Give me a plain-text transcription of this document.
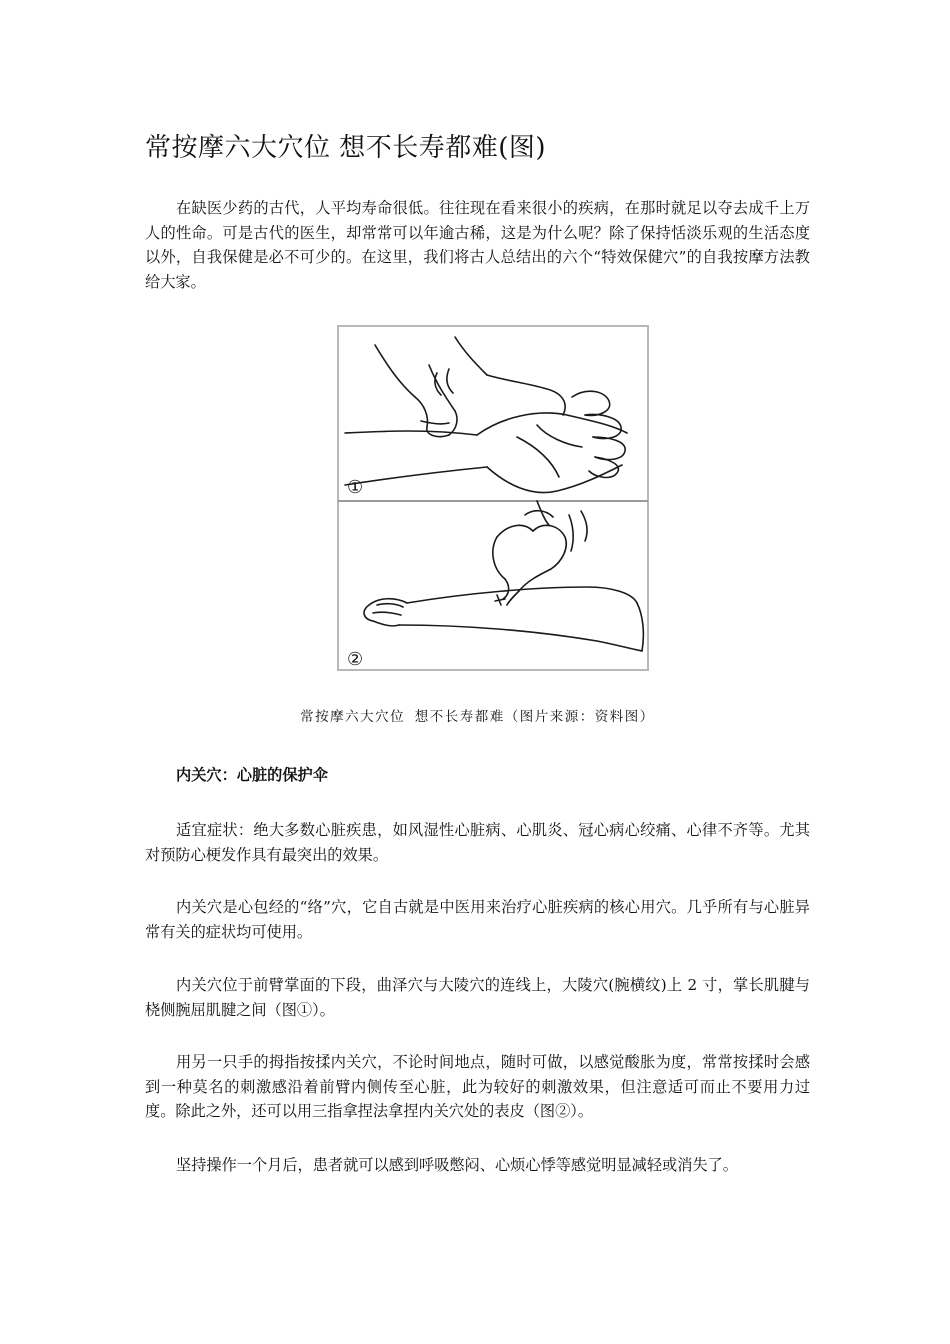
常按摩六大穴位 想不长寿都难(图)

在缺医少药的古代，人平均寿命很低。往往现在看来很小的疾病，在那时就足以夺去成千上万人的性命。可是古代的医生，却常常可以年逾古稀，这是为什么呢？除了保持恬淡乐观的生活态度以外，自我保健是必不可少的。在这里，我们将古人总结出的六个“特效保健穴”的自我按摩方法教给大家。

①
②

常按摩六大穴位 想不长寿都难（图片来源：资料图）

内关穴：心脏的保护伞

适宜症状：绝大多数心脏疾患，如风湿性心脏病、心肌炎、冠心病心绞痛、心律不齐等。尤其对预防心梗发作具有最突出的效果。

内关穴是心包经的“络”穴，它自古就是中医用来治疗心脏疾病的核心用穴。几乎所有与心脏异常有关的症状均可使用。

内关穴位于前臂掌面的下段，曲泽穴与大陵穴的连线上，大陵穴(腕横纹)上 2 寸，掌长肌腱与桡侧腕屈肌腱之间（图①）。

用另一只手的拇指按揉内关穴，不论时间地点，随时可做，以感觉酸胀为度，常常按揉时会感到一种莫名的刺激感沿着前臂内侧传至心脏，此为较好的刺激效果，但注意适可而止不要用力过度。除此之外，还可以用三指拿捏法拿捏内关穴处的表皮（图②）。

坚持操作一个月后，患者就可以感到呼吸憋闷、心烦心悸等感觉明显减轻或消失了。
